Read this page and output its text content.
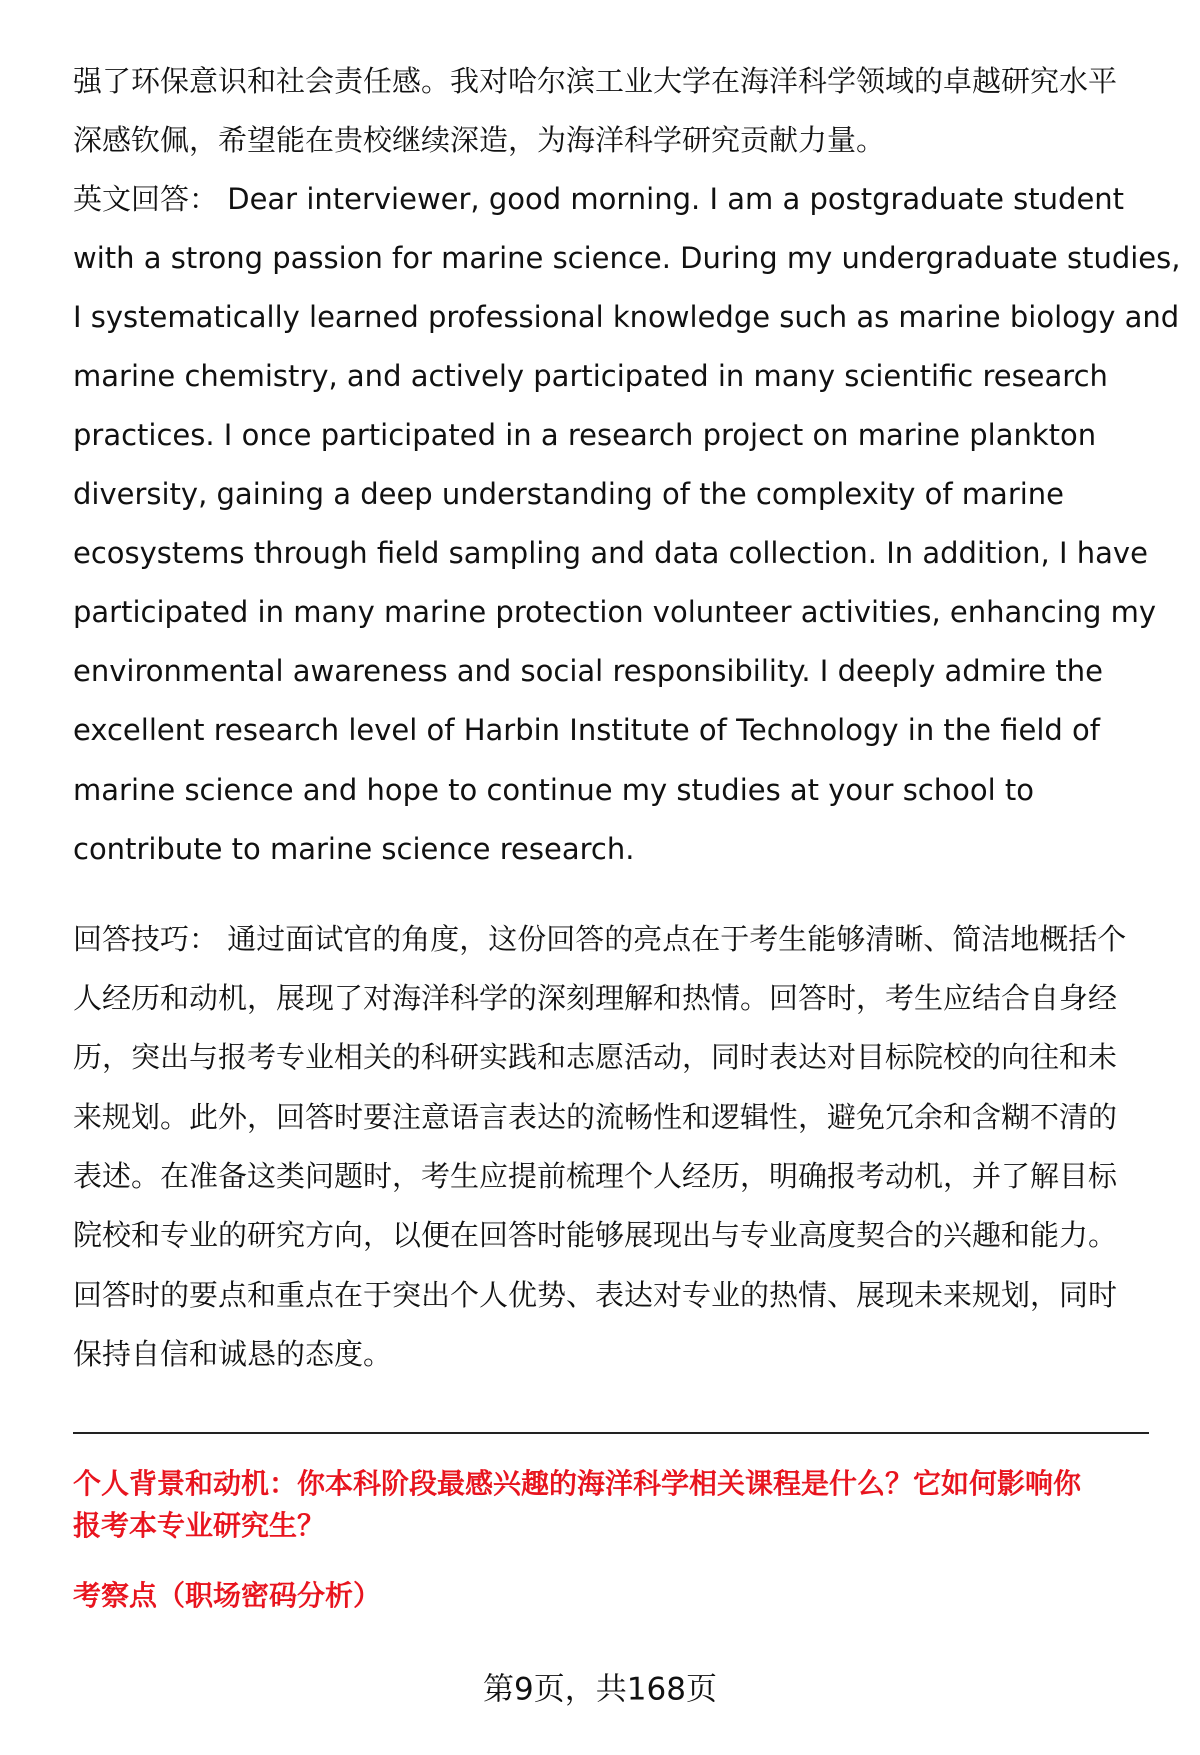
强了环保意识和社会责任感。我对哈尔滨工业大学在海洋科学领域的卓越研究水平
深感钦佩，希望能在贵校继续深造，为海洋科学研究贡献力量。
英文回答： Dear interviewer, good morning. I am a postgraduate student
with a strong passion for marine science. During my undergraduate studies,
I systematically learned professional knowledge such as marine biology and
marine chemistry, and actively participated in many scientific research
practices. I once participated in a research project on marine plankton
diversity, gaining a deep understanding of the complexity of marine
ecosystems through field sampling and data collection. In addition, I have
participated in many marine protection volunteer activities, enhancing my
environmental awareness and social responsibility. I deeply admire the
excellent research level of Harbin Institute of Technology in the field of
marine science and hope to continue my studies at your school to
contribute to marine science research.
回答技巧： 通过面试官的角度，这份回答的亮点在于考生能够清晰、简洁地概括个
人经历和动机，展现了对海洋科学的深刻理解和热情。回答时，考生应结合自身经
历，突出与报考专业相关的科研实践和志愿活动，同时表达对目标院校的向往和未
来规划。此外，回答时要注意语言表达的流畅性和逻辑性，避免冗余和含糊不清的
表述。在准备这类问题时，考生应提前梳理个人经历，明确报考动机，并了解目标
院校和专业的研究方向，以便在回答时能够展现出与专业高度契合的兴趣和能力。
回答时的要点和重点在于突出个人优势、表达对专业的热情、展现未来规划，同时
保持自信和诚恳的态度。
个人背景和动机：你本科阶段最感兴趣的海洋科学相关课程是什么？它如何影响你
报考本专业研究生？
考察点（职场密码分析）
第9页，共168页
